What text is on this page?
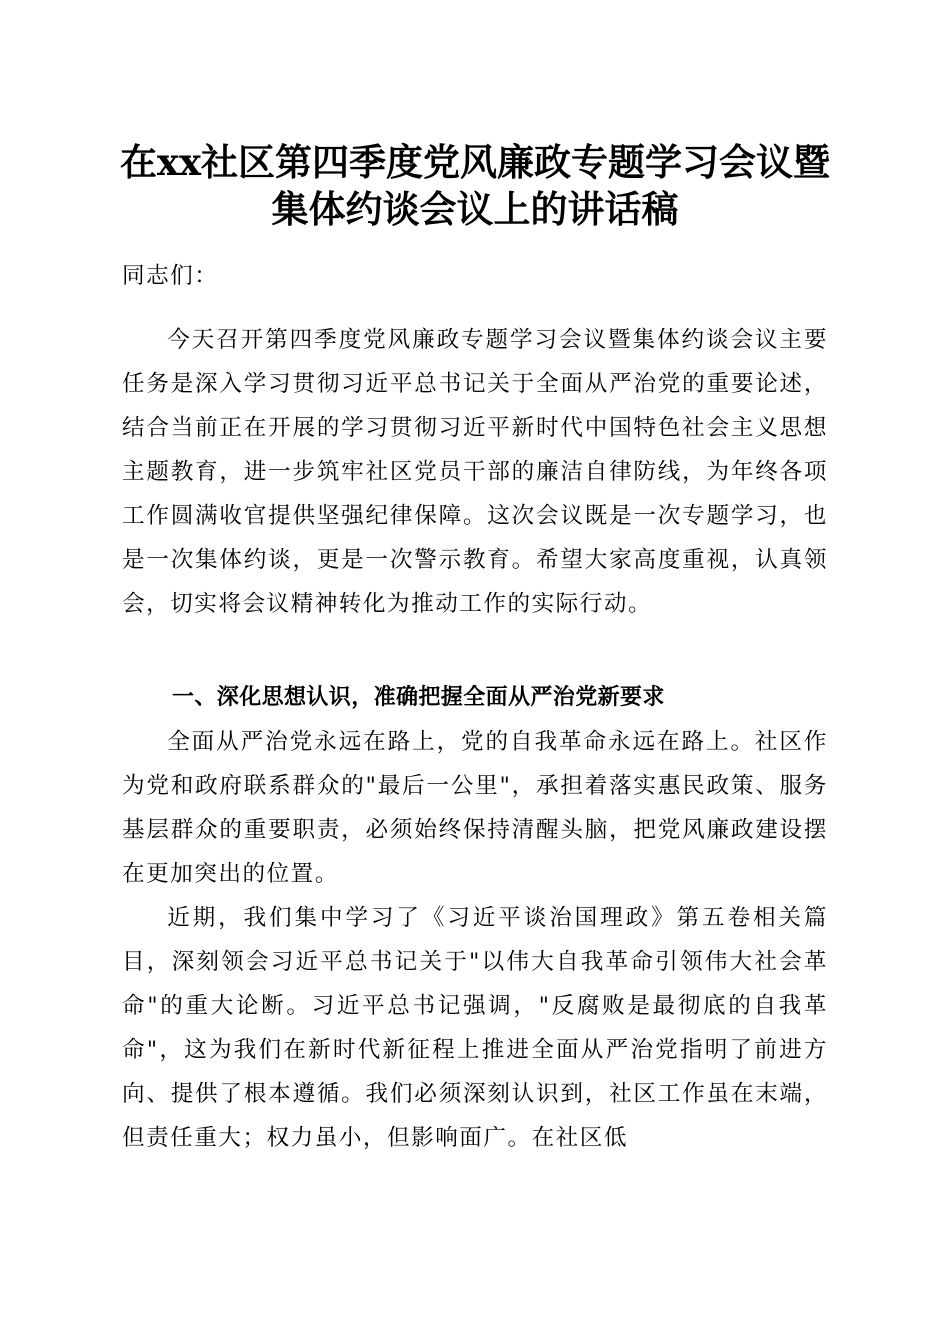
在xx社区第四季度党风廉政专题学习会议暨
集体约谈会议上的讲话稿

同志们：

今天召开第四季度党风廉政专题学习会议暨集体约谈会议主要任务是深入学习贯彻习近平总书记关于全面从严治党的重要论述，结合当前正在开展的学习贯彻习近平新时代中国特色社会主义思想主题教育，进一步筑牢社区党员干部的廉洁自律防线，为年终各项工作圆满收官提供坚强纪律保障。这次会议既是一次专题学习，也是一次集体约谈，更是一次警示教育。希望大家高度重视，认真领会，切实将会议精神转化为推动工作的实际行动。

一、深化思想认识，准确把握全面从严治党新要求

全面从严治党永远在路上，党的自我革命永远在路上。社区作为党和政府联系群众的"最后一公里"，承担着落实惠民政策、服务基层群众的重要职责，必须始终保持清醒头脑，把党风廉政建设摆在更加突出的位置。

近期，我们集中学习了《习近平谈治国理政》第五卷相关篇目，深刻领会习近平总书记关于"以伟大自我革命引领伟大社会革命"的重大论断。习近平总书记强调，"反腐败是最彻底的自我革命"，这为我们在新时代新征程上推进全面从严治党指明了前进方向、提供了根本遵循。我们必须深刻认识到，社区工作虽在末端，但责任重大；权力虽小，但影响面广。在社区低
